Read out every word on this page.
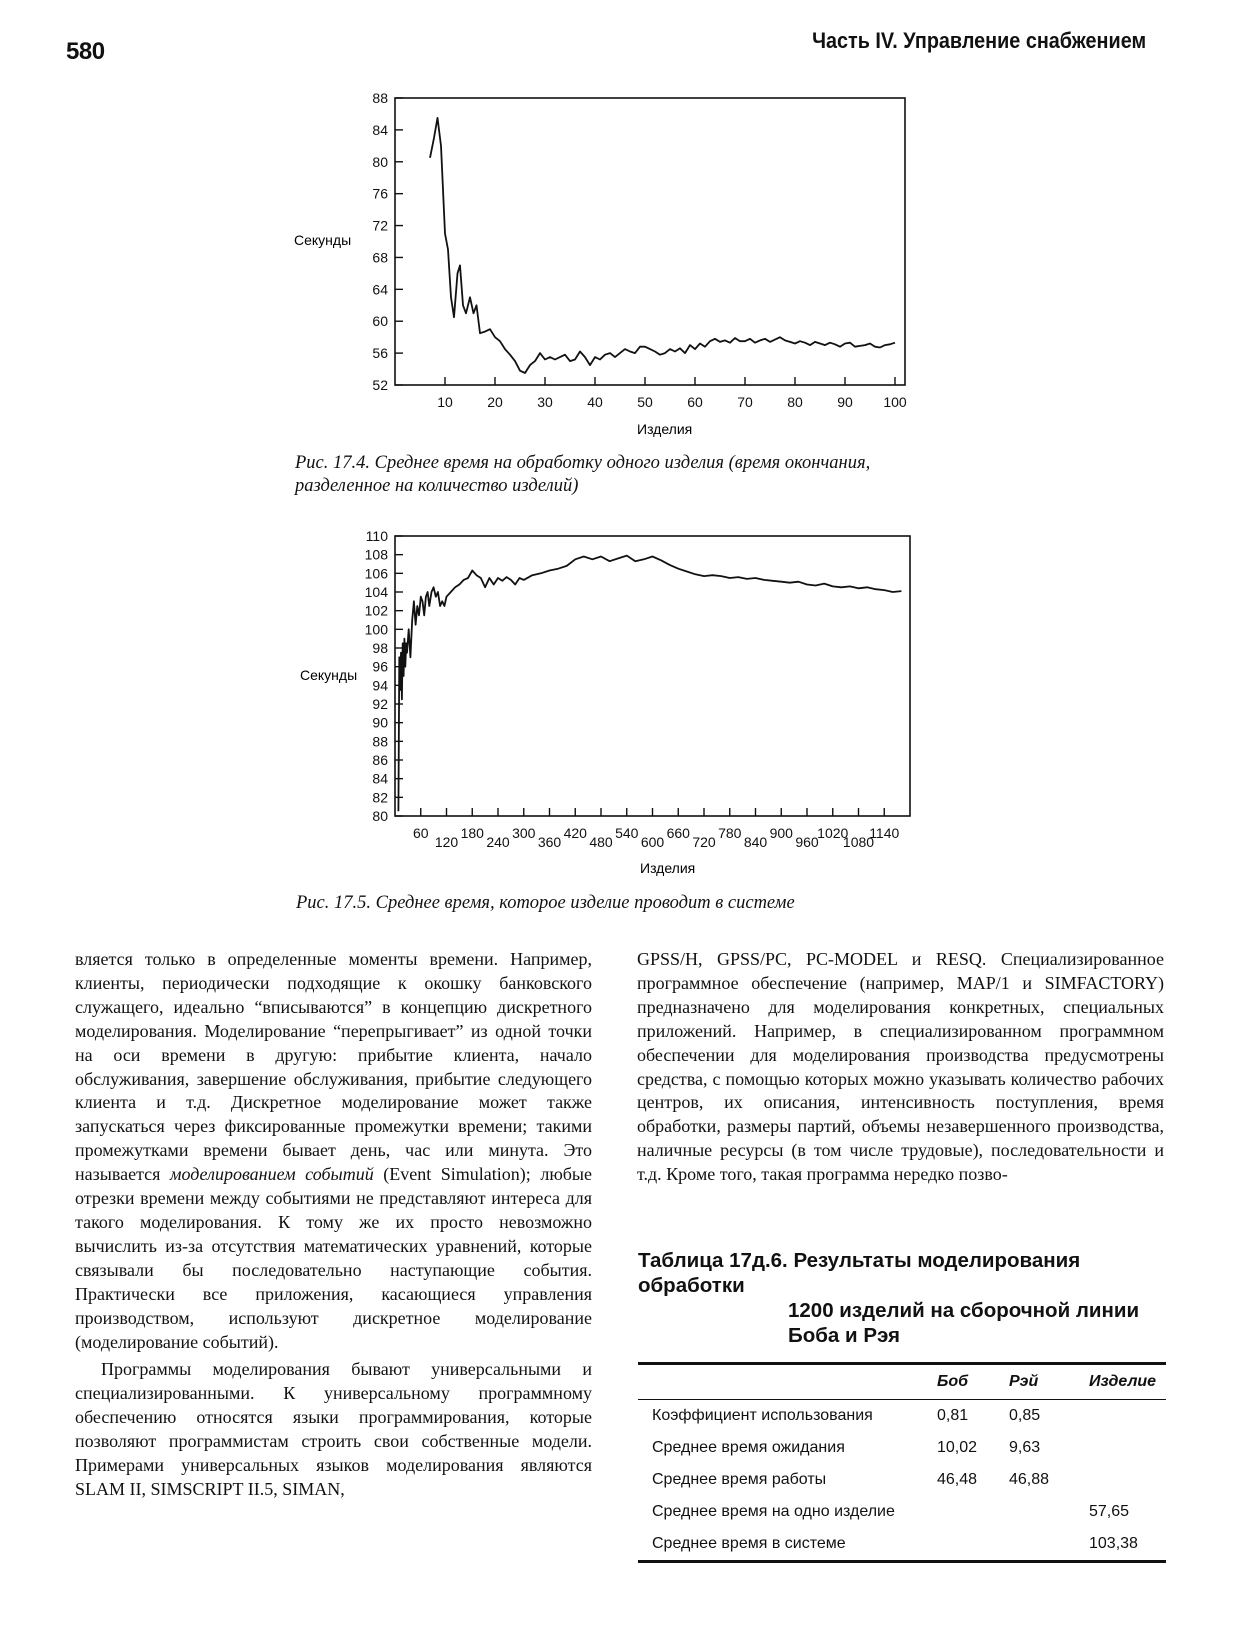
580	Часть IV. Управление снабжением
Секунды
Изделия
52
56
60
64
68
72
76
80
84
88
10 20 30 40 50 60 70 80 90 100
Рис. 17.4. Среднее время на обработку одного изделия (время окончания, разделенное на количество изделий)
Секунды
Изделия
80
82
84
86
88
90
92
94
96
98
100
102
104
106
108
110
60
120
180
240
300
360
420
480
540
600
660
720
780
840
900
960
1020
1080
1140
Рис. 17.5. Среднее время, которое изделие проводит в системе

вляется только в определенные моменты времени. Например, клиенты, периодически подходящие к окошку банковского служащего, идеально “вписываются” в концепцию дискретного моделирования. Моделирование “перепрыгивает” из одной точки на оси времени в другую: прибытие клиента, начало обслуживания, завершение обслуживания, прибытие следующего клиента и т.д. Дискретное моделирование может также запускаться через фиксированные промежутки времени; такими промежутками времени бывает день, час или минута. Это называется моделированием событий (Event Simulation); любые отрезки времени между событиями не представляют интереса для такого моделирования. К тому же их просто невозможно вычислить из-за отсутствия математических уравнений, которые связывали бы последовательно наступающие события. Практически все приложения, касающиеся управления производством, используют дискретное моделирование (моделирование событий).

Программы моделирования бывают универсальными и специализированными. К универсальному программному обеспечению относятся языки программирования, которые позволяют программистам строить свои собственные модели. Примерами универсальных языков моделирования являются SLAM II, SIMSCRIPT II.5, SIMAN,

GPSS/H, GPSS/PC, PC-MODEL и RESQ. Специализированное программное обеспечение (например, MAP/1 и SIMFACTORY) предназначено для моделирования конкретных, специальных приложений. Например, в специализированном программном обеспечении для моделирования производства предусмотрены средства, с помощью которых можно указывать количество рабочих центров, их описания, интенсивность поступления, время обработки, размеры партий, объемы незавершенного производства, наличные ресурсы (в том числе трудовые), последовательности и т.д. Кроме того, такая программа нередко позво-

Таблица 17д.6. Результаты моделирования обработки
1200 изделий на сборочной линии
Боба и Рэя
	Боб	Рэй	Изделие
Коэффициент использования	0,81	0,85	
Среднее время ожидания	10,02	9,63	
Среднее время работы	46,48	46,88	
Среднее время на одно изделие			57,65
Среднее время в системе			103,38
